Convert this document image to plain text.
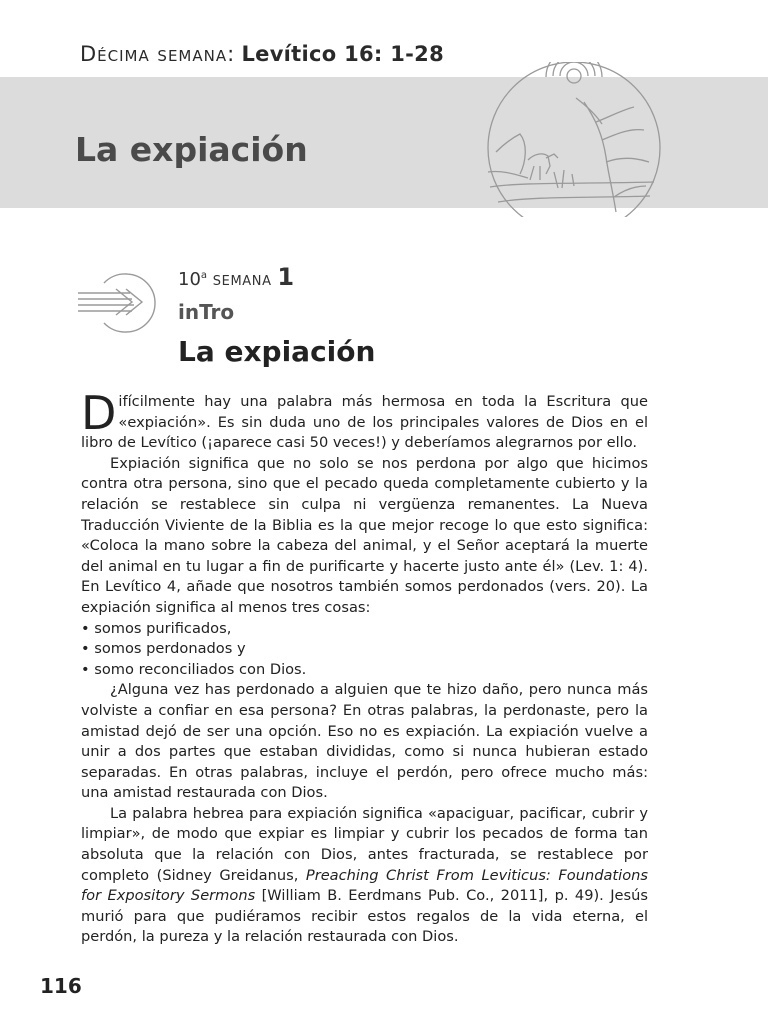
Décima semana: Levítico 16: 1-28
La expiación
10$^a$ semana 1
inTro
La expiación

Difícilmente hay una palabra más hermosa en toda la Escritura que «expiación». Es sin duda uno de los principales valores de Dios en el libro de Levítico (¡aparece casi 50 veces!) y deberíamos alegrarnos por ello.

Expiación significa que no solo se nos perdona por algo que hicimos contra otra persona, sino que el pecado queda completamente cubierto y la relación se restablece sin culpa ni vergüenza remanentes. La Nueva Traducción Viviente de la Biblia es la que mejor recoge lo que esto significa: «Coloca la mano sobre la cabeza del animal, y el Señor aceptará la muerte del animal en tu lugar a fin de purificarte y hacerte justo ante él» (Lev. 1: 4). En Levítico 4, añade que nosotros también somos perdonados (vers. 20). La expiación significa al menos tres cosas:

• somos purificados,
• somos perdonados y
• somo reconciliados con Dios.

¿Alguna vez has perdonado a alguien que te hizo daño, pero nunca más volviste a confiar en esa persona? En otras palabras, la perdonaste, pero la amistad dejó de ser una opción. Eso no es expiación. La expiación vuelve a unir a dos partes que estaban divididas, como si nunca hubieran estado separadas. En otras palabras, incluye el perdón, pero ofrece mucho más: una amistad restaurada con Dios.

La palabra hebrea para expiación significa «apaciguar, pacificar, cubrir y limpiar», de modo que expiar es limpiar y cubrir los pecados de forma tan absoluta que la relación con Dios, antes fracturada, se restablece por completo (Sidney Greidanus, Preaching Christ From Leviticus: Foundations for Expository Sermons [William B. Eerdmans Pub. Co., 2011], p. 49). Jesús murió para que pudiéramos recibir estos regalos de la vida eterna, el perdón, la pureza y la relación restaurada con Dios.

116
